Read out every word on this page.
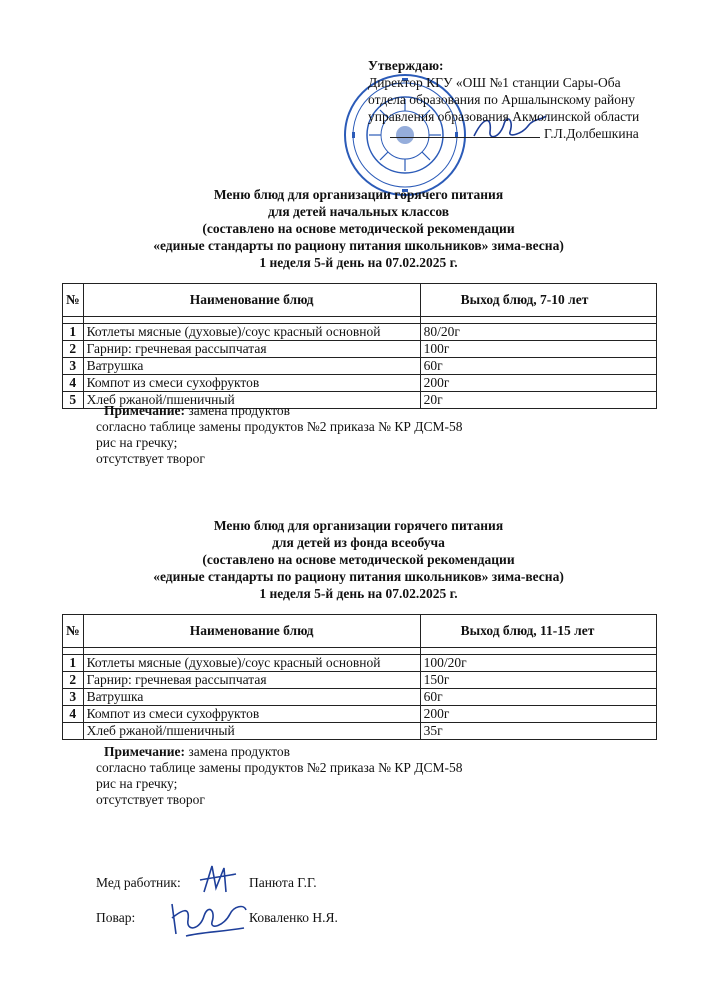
Утверждаю:
Директор КГУ «ОШ №1 станции Сары-Оба
отдела образования по Аршалынскому району
управления образования Акмолинской области
Г.Л.Долбешкина
Меню блюд для организации горячего питания
для детей начальных классов
(составлено на основе методической рекомендации
«единые стандарты по рациону питания школьников» зима-весна)
1 неделя 5-й день на 07.02.2025 г.
№	Наименование блюд	Выход блюд, 7-10 лет

1	Котлеты мясные (духовые)/соус красный основной	80/20г
2	Гарнир: гречневая рассыпчатая	100г
3	Ватрушка	60г
4	Компот из смеси сухофруктов	200г
5	Хлеб ржаной/пшеничный	20г
Примечание: замена продуктов
согласно таблице замены продуктов №2 приказа № КР ДСМ-58
рис на гречку;
отсутствует творог
Меню блюд для организации горячего питания
для детей из фонда всеобуча
(составлено на основе методической рекомендации
«единые стандарты по рациону питания школьников» зима-весна)
1 неделя 5-й день на 07.02.2025 г.
№	Наименование блюд	Выход блюд, 11-15 лет

1	Котлеты мясные (духовые)/соус красный основной	100/20г
2	Гарнир: гречневая рассыпчатая	150г
3	Ватрушка	60г
4	Компот из смеси сухофруктов	200г
	Хлеб ржаной/пшеничный	35г
Примечание: замена продуктов
согласно таблице замены продуктов №2 приказа № КР ДСМ-58
рис на гречку;
отсутствует творог
Мед работник:	Панюта Г.Г.
Повар:	Коваленко Н.Я.
